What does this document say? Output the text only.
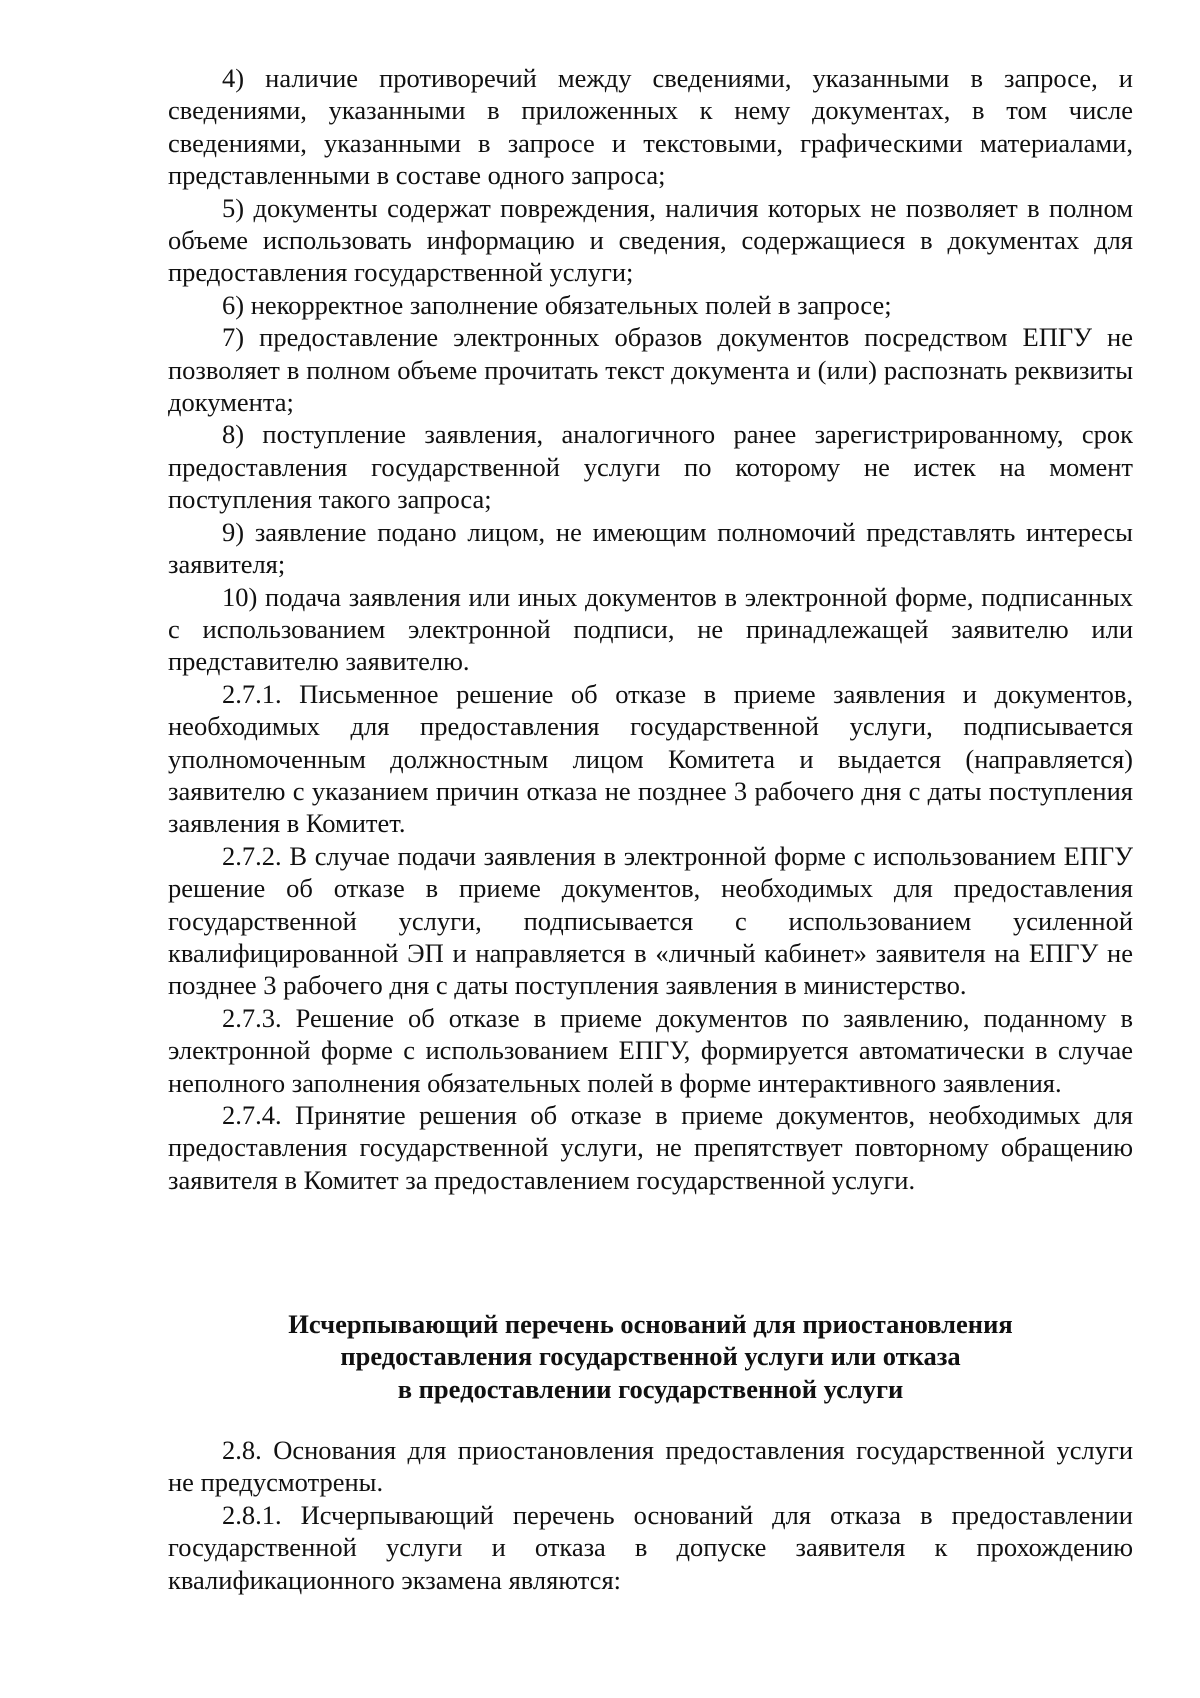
4) наличие противоречий между сведениями, указанными в запросе, и сведениями, указанными в приложенных к нему документах, в том числе сведениями, указанными в запросе и текстовыми, графическими материалами, представленными в составе одного запроса;

5) документы содержат повреждения, наличия которых не позволяет в полном объеме использовать информацию и сведения, содержащиеся в документах для предоставления государственной услуги;

6) некорректное заполнение обязательных полей в запросе;

7) предоставление электронных образов документов посредством ЕПГУ не позволяет в полном объеме прочитать текст документа и (или) распознать реквизиты документа;

8) поступление заявления, аналогичного ранее зарегистрированному, срок предоставления государственной услуги по которому не истек на момент поступления такого запроса;

9) заявление подано лицом, не имеющим полномочий представлять интересы заявителя;

10) подача заявления или иных документов в электронной форме, подписанных с использованием электронной подписи, не принадлежащей заявителю или представителю заявителю.

2.7.1. Письменное решение об отказе в приеме заявления и документов, необходимых для предоставления государственной услуги, подписывается уполномоченным должностным лицом Комитета и выдается (направляется) заявителю с указанием причин отказа не позднее 3 рабочего дня с даты поступления заявления в Комитет.

2.7.2. В случае подачи заявления в электронной форме с использованием ЕПГУ решение об отказе в приеме документов, необходимых для предоставления государственной услуги, подписывается с использованием усиленной квалифицированной ЭП и направляется в «личный кабинет» заявителя на ЕПГУ не позднее 3 рабочего дня с даты поступления заявления в министерство.

2.7.3. Решение об отказе в приеме документов по заявлению, поданному в электронной форме с использованием ЕПГУ, формируется автоматически в случае неполного заполнения обязательных полей в форме интерактивного заявления.

2.7.4. Принятие решения об отказе в приеме документов, необходимых для предоставления государственной услуги, не препятствует повторному обращению заявителя в Комитет за предоставлением государственной услуги.

Исчерпывающий перечень оснований для приостановления
предоставления государственной услуги или отказа
в предоставлении государственной услуги

2.8. Основания для приостановления предоставления государственной услуги не предусмотрены.

2.8.1. Исчерпывающий перечень оснований для отказа в предоставлении государственной услуги и отказа в допуске заявителя к прохождению квалификационного экзамена являются:
